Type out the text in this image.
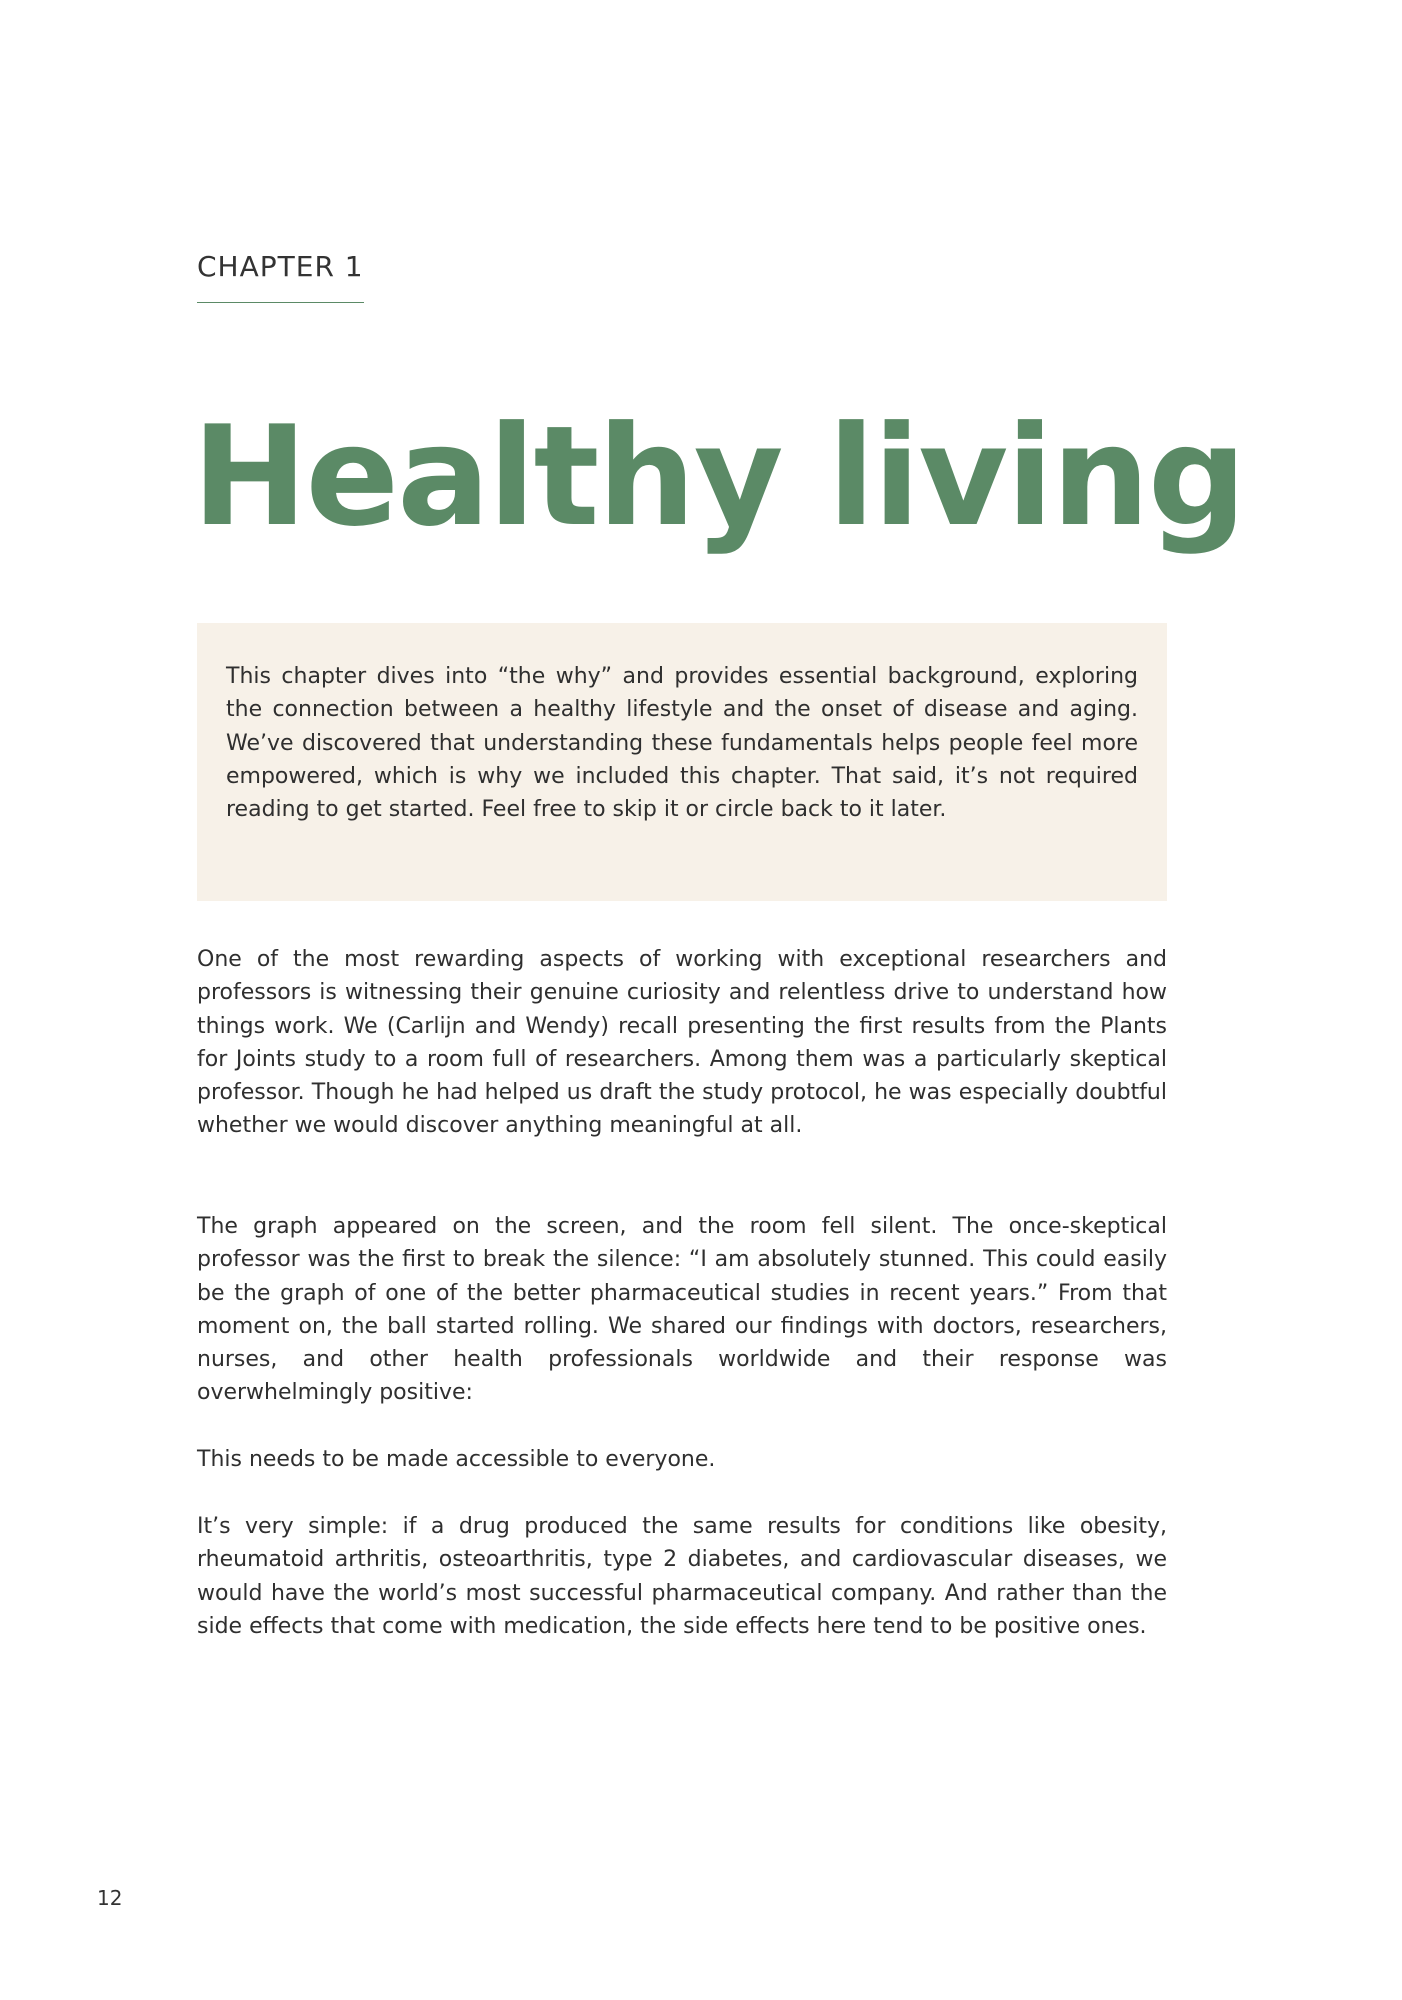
CHAPTER 1
Healthy living

This chapter dives into “the why” and provides essential background, exploring the connection between a healthy lifestyle and the onset of disease and aging. We’ve discovered that understanding these fundamentals helps people feel more empowered, which is why we included this chapter. That said, it’s not required reading to get started. Feel free to skip it or circle back to it later.

One of the most rewarding aspects of working with exceptional researchers and professors is witnessing their genuine curiosity and relentless drive to understand how things work. We (Carlijn and Wendy) recall presenting the first results from the Plants for Joints study to a room full of researchers. Among them was a particularly skeptical professor. Though he had helped us draft the study protocol, he was especially doubtful whether we would discover anything meaningful at all.

The graph appeared on the screen, and the room fell silent. The once-skeptical professor was the first to break the silence: “I am absolutely stunned. This could easily be the graph of one of the better pharmaceutical studies in recent years.” From that moment on, the ball started rolling. We shared our findings with doctors, researchers, nurses, and other health professionals worldwide and their response was overwhelmingly positive:

This needs to be made accessible to everyone.

It’s very simple: if a drug produced the same results for conditions like obesity, rheumatoid arthritis, osteoarthritis, type 2 diabetes, and cardiovascular diseases, we would have the world’s most successful pharmaceutical company. And rather than the side effects that come with medication, the side effects here tend to be positive ones.

12
